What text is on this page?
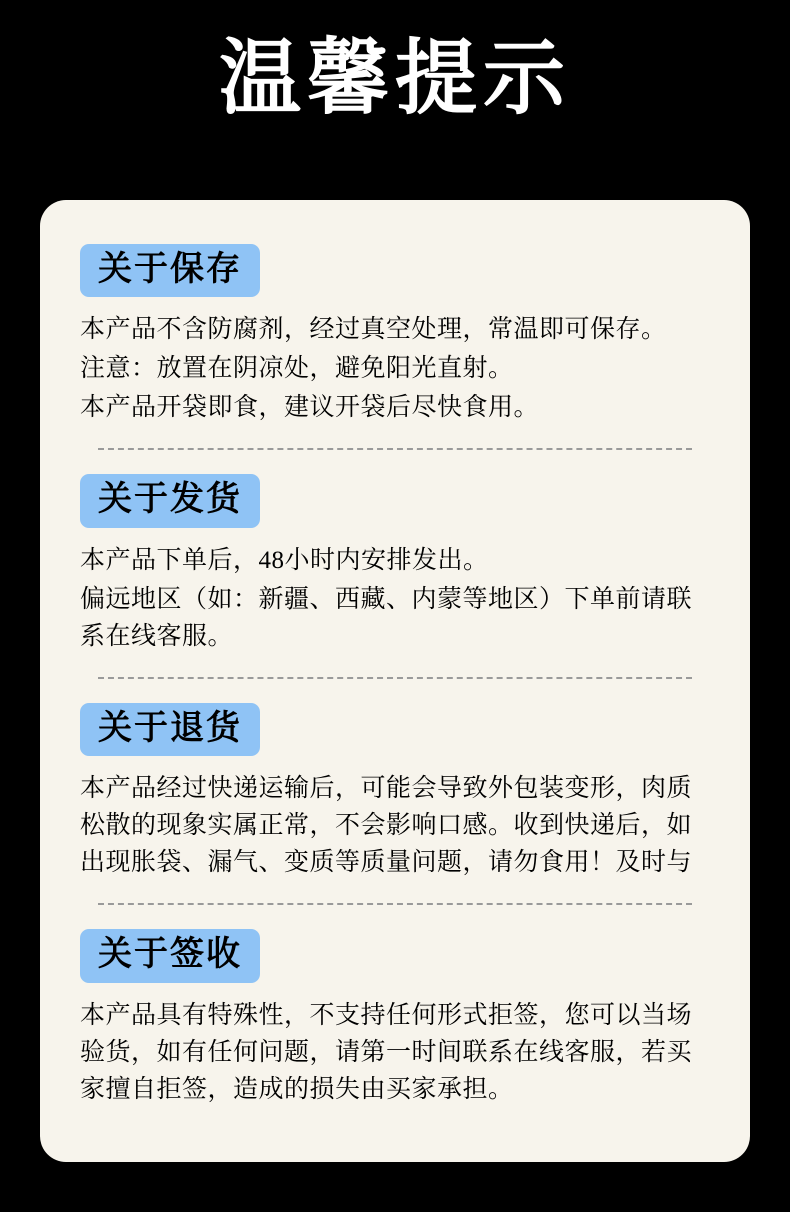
温馨提示
关于保存

本产品不含防腐剂，经过真空处理，常温即可保存。

注意：放置在阴凉处，避免阳光直射。

本产品开袋即食，建议开袋后尽快食用。

关于发货

本产品下单后，48小时内安排发出。

偏远地区（如：新疆、西藏、内蒙等地区）下单前请联系在线客服。

关于退货

本产品经过快递运输后，可能会导致外包装变形，肉质松散的现象实属正常，不会影响口感。收到快递后，如出现胀袋、漏气、变质等质量问题，请勿食用！及时与

关于签收

本产品具有特殊性，不支持任何形式拒签，您可以当场验货，如有任何问题，请第一时间联系在线客服，若买家擅自拒签，造成的损失由买家承担。
